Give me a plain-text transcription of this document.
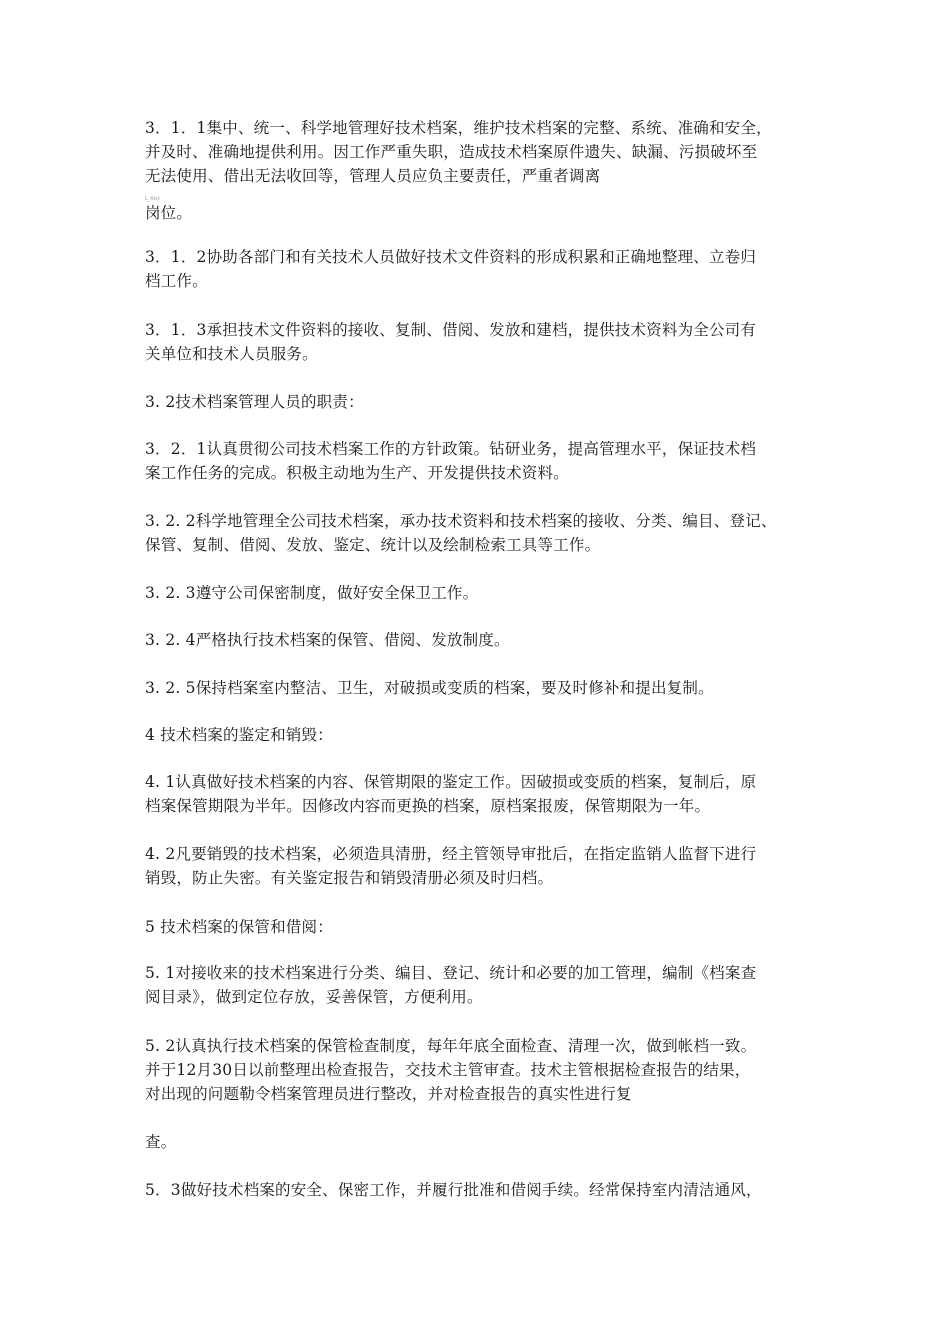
L_Alst

3．1．1集中、统一、科学地管理好技术档案，维护技术档案的完整、系统、准确和安全，
并及时、准确地提供利用。因工作严重失职，造成技术档案原件遗失、缺漏、污损破坏至
无法使用、借出无法收回等，管理人员应负主要责任，严重者调离

岗位。

3．1．2协助各部门和有关技术人员做好技术文件资料的形成积累和正确地整理、立卷归
档工作。

3．1．3承担技术文件资料的接收、复制、借阅、发放和建档，提供技术资料为全公司有
关单位和技术人员服务。

3. 2技术档案管理人员的职责：

3．2．1认真贯彻公司技术档案工作的方针政策。钻研业务，提高管理水平，保证技术档
案工作任务的完成。积极主动地为生产、开发提供技术资料。

3. 2. 2科学地管理全公司技术档案，承办技术资料和技术档案的接收、分类、编目、登记、
保管、复制、借阅、发放、鉴定、统计以及绘制检索工具等工作。

3. 2. 3遵守公司保密制度，做好安全保卫工作。

3. 2. 4严格执行技术档案的保管、借阅、发放制度。

3. 2. 5保持档案室内整洁、卫生，对破损或变质的档案，要及时修补和提出复制。

4 技术档案的鉴定和销毁：

4. 1认真做好技术档案的内容、保管期限的鉴定工作。因破损或变质的档案，复制后，原
档案保管期限为半年。因修改内容而更换的档案，原档案报废，保管期限为一年。

4. 2凡要销毁的技术档案，必须造具清册，经主管领导审批后，在指定监销人监督下进行
销毁，防止失密。有关鉴定报告和销毁清册必须及时归档。

5 技术档案的保管和借阅：

5. 1对接收来的技术档案进行分类、编目、登记、统计和必要的加工管理，编制《档案查
阅目录》，做到定位存放，妥善保管，方便利用。

5. 2认真执行技术档案的保管检查制度，每年年底全面检查、清理一次，做到帐档一致。
并于12月30日以前整理出检查报告，交技术主管审查。技术主管根据检查报告的结果，
对出现的问题勒令档案管理员进行整改，并对检查报告的真实性进行复

查。

5．3做好技术档案的安全、保密工作，并履行批准和借阅手续。经常保持室内清洁通风，
